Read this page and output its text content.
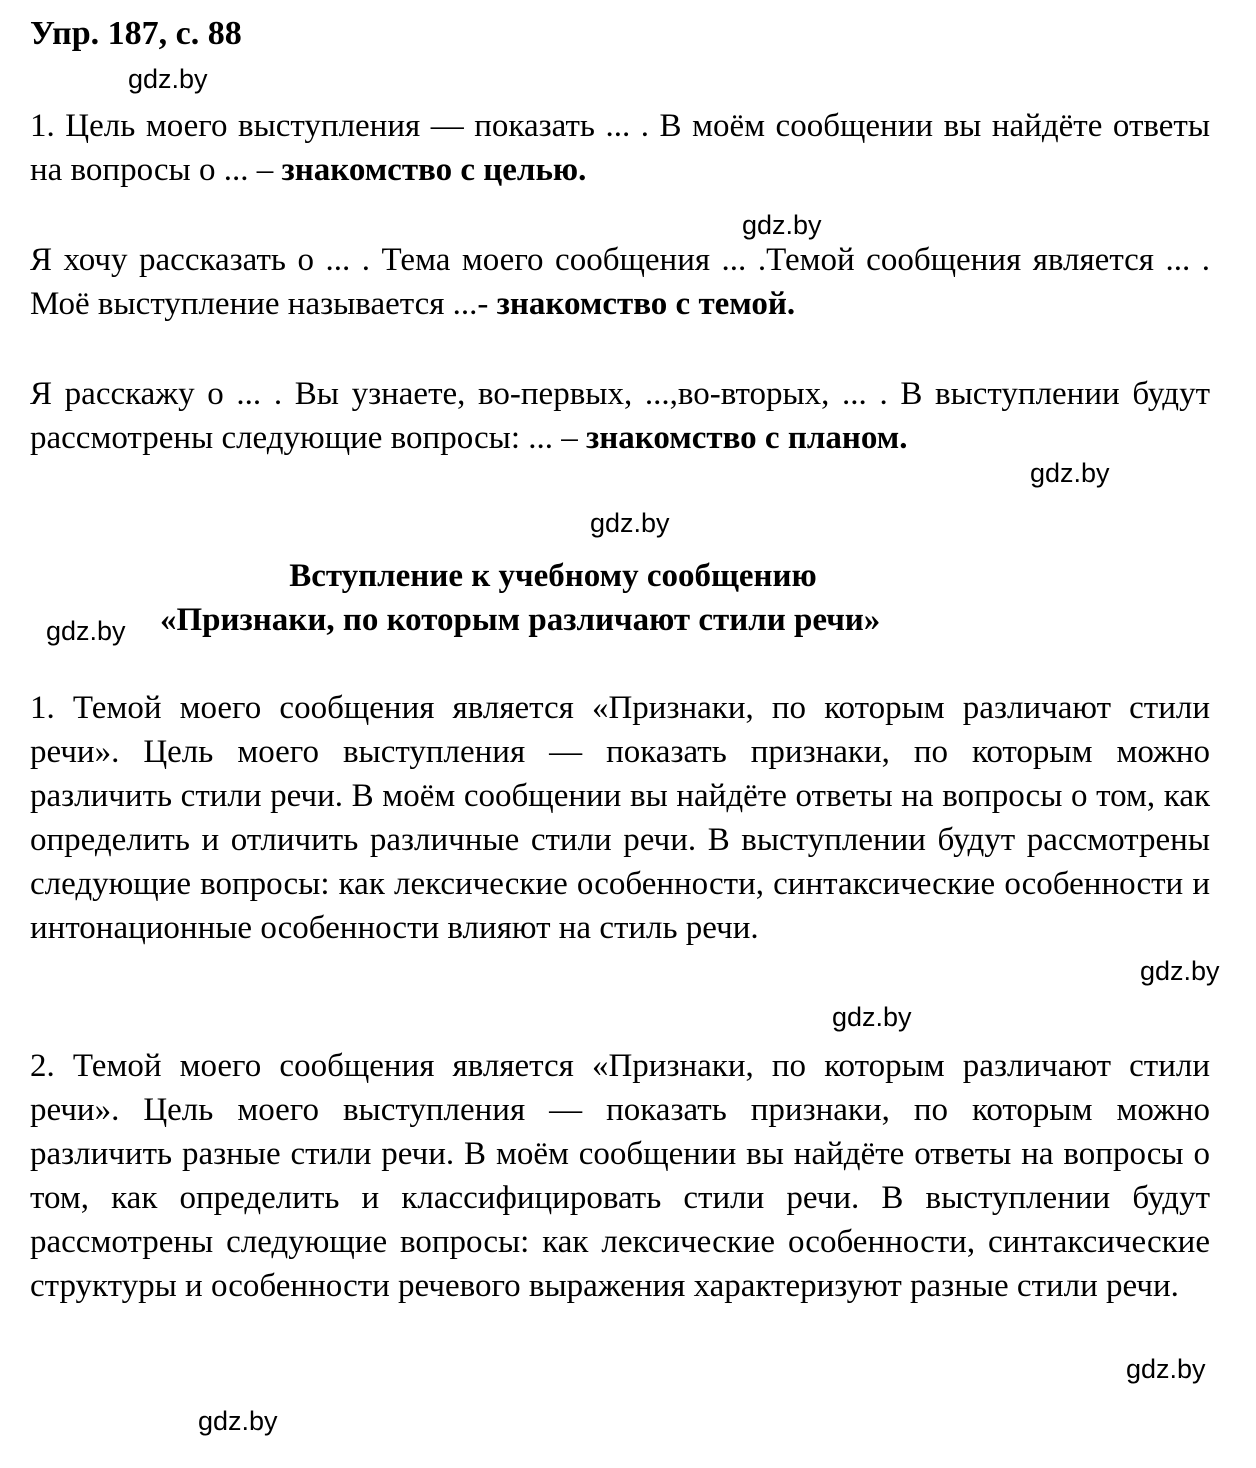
Упр. 187, с. 88
gdz.by
1. Цель моего выступления — показать ... . В моём сообщении вы найдёте ответы на вопросы о ... – знакомство с целью.
gdz.by
Я хочу рассказать о ... . Тема моего сообщения ... .Темой сообщения является ... . Моё выступление называется ...- знакомство с темой.
Я расскажу о ... . Вы узнаете, во-первых, ...,во-вторых, ... . В выступлении будут рассмотрены следующие вопросы: ... – знакомство с планом.
gdz.by
gdz.by
Вступление к учебному сообщению
«Признаки, по которым различают стили речи»
gdz.by
1. Темой моего сообщения является «Признаки, по которым различают стили речи». Цель моего выступления — показать признаки, по которым можно различить стили речи. В моём сообщении вы найдёте ответы на вопросы о том, как определить и отличить различные стили речи. В выступлении будут рассмотрены следующие вопросы: как лексические особенности, синтаксические особенности и интонационные особенности влияют на стиль речи.
gdz.by
gdz.by
2. Темой моего сообщения является «Признаки, по которым различают стили речи». Цель моего выступления — показать признаки, по которым можно различить разные стили речи. В моём сообщении вы найдёте ответы на вопросы о том, как определить и классифицировать стили речи. В выступлении будут рассмотрены следующие вопросы: как лексические особенности, синтаксические структуры и особенности речевого выражения характеризуют разные стили речи.
gdz.by
gdz.by
